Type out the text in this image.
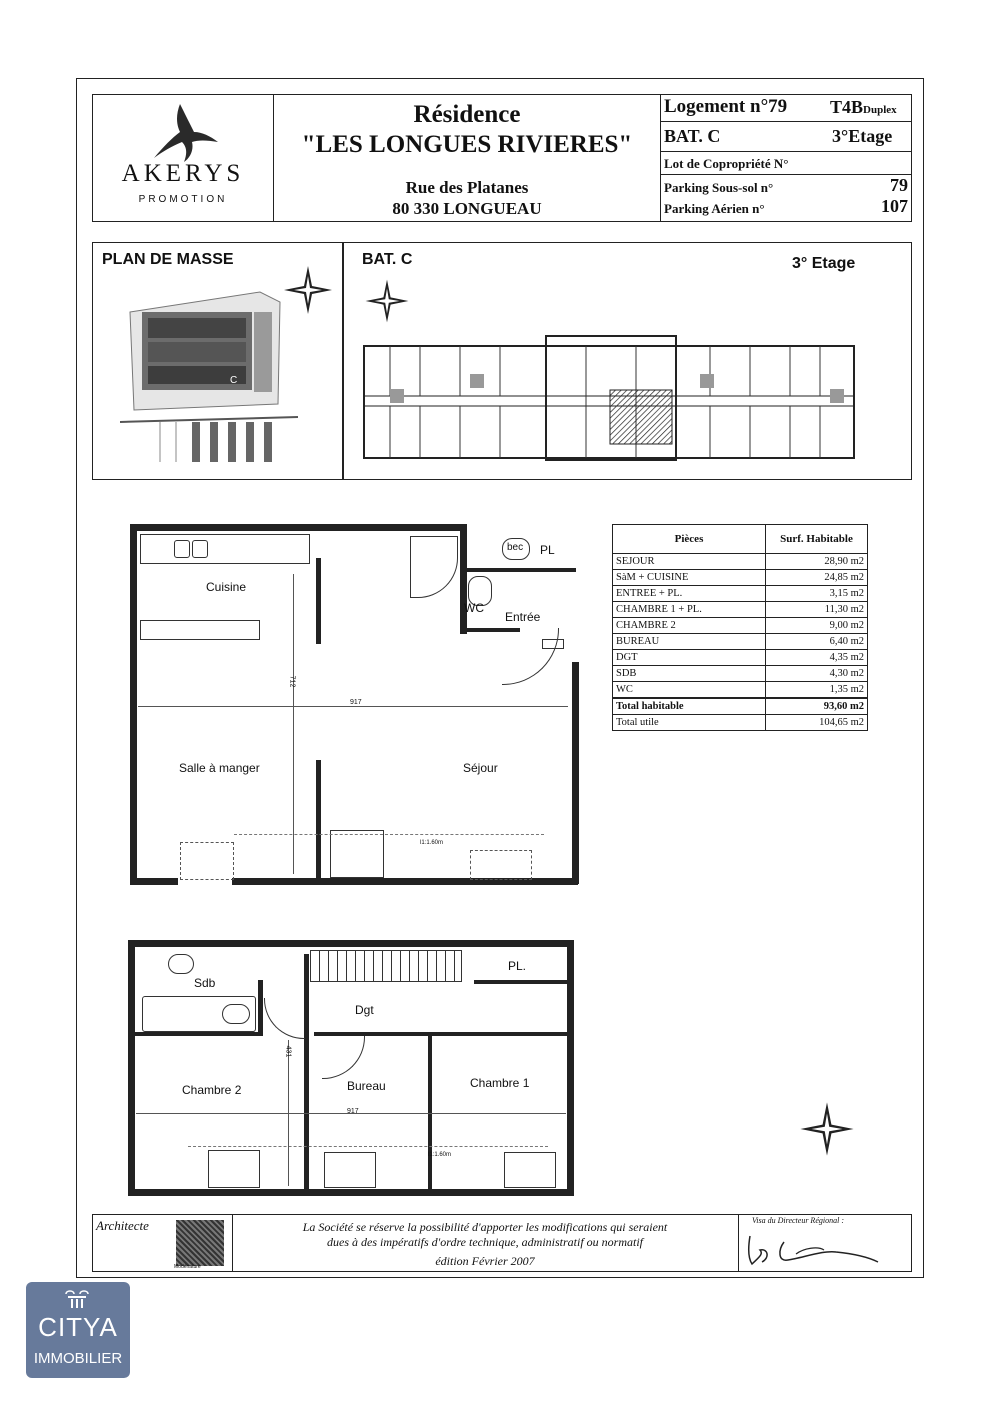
AKERYS
PROMOTION
Résidence
"LES LONGUES RIVIERES"
Rue des Platanes
80 330 LONGUEAU
Logement n°79 T4BDuplex
BAT. C	3°Etage
Lot de Copropriété N°
Parking Sous-sol n°	79
Parking Aérien n°	107
PLAN DE MASSE
C
BAT. C	3° Etage
Cuisine
Salle à manger	Séjour
WC
Entrée
bec PL
917
712
l1:1.60m
Pièces	Surf. Habitable
SEJOUR	28,90 m2
SàM + CUISINE	24,85 m2
ENTREE + PL.	3,15 m2
CHAMBRE 1 + PL.	11,30 m2
CHAMBRE 2	9,00 m2
BUREAU	6,40 m2
DGT	4,35 m2
SDB	4,30 m2
WC	1,35 m2
Total habitable	93,60 m2
Total utile	104,65 m2
Sdb
Dgt
Chambre 2	Bureau	Chambre 1
PL.
917
431
l1:1.60m
Architecte
Modénature
La Société se réserve la possibilité d'apporter les modifications qui seraient
dues à des impératifs d'ordre technique, administratif ou normatif
édition Février 2007
Visa du Directeur Régional :
CITYA
IMMOBILIER
